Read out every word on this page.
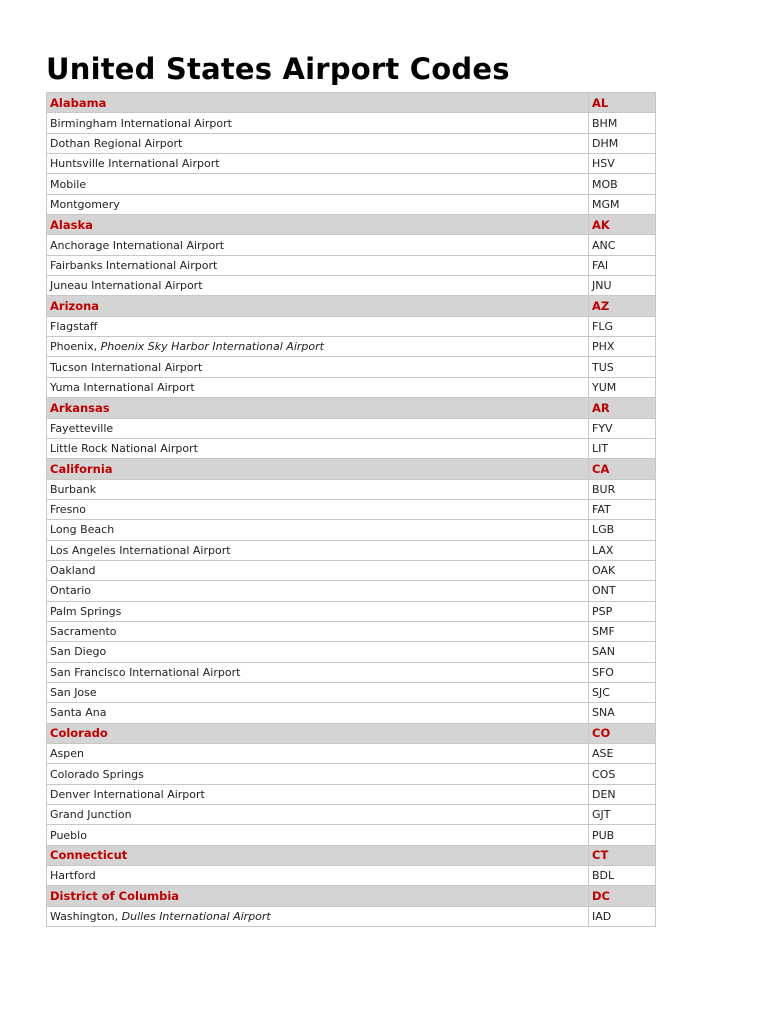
United States Airport Codes
Alabama	AL
Birmingham International Airport	BHM
Dothan Regional Airport	DHM
Huntsville International Airport	HSV
Mobile	MOB
Montgomery	MGM
Alaska	AK
Anchorage International Airport	ANC
Fairbanks International Airport	FAI
Juneau International Airport	JNU
Arizona	AZ
Flagstaff	FLG
Phoenix, Phoenix Sky Harbor International Airport	PHX
Tucson International Airport	TUS
Yuma International Airport	YUM
Arkansas	AR
Fayetteville	FYV
Little Rock National Airport	LIT
California	CA
Burbank	BUR
Fresno	FAT
Long Beach	LGB
Los Angeles International Airport	LAX
Oakland	OAK
Ontario	ONT
Palm Springs	PSP
Sacramento	SMF
San Diego	SAN
San Francisco International Airport	SFO
San Jose	SJC
Santa Ana	SNA
Colorado	CO
Aspen	ASE
Colorado Springs	COS
Denver International Airport	DEN
Grand Junction	GJT
Pueblo	PUB
Connecticut	CT
Hartford	BDL
District of Columbia	DC
Washington, Dulles International Airport	IAD
